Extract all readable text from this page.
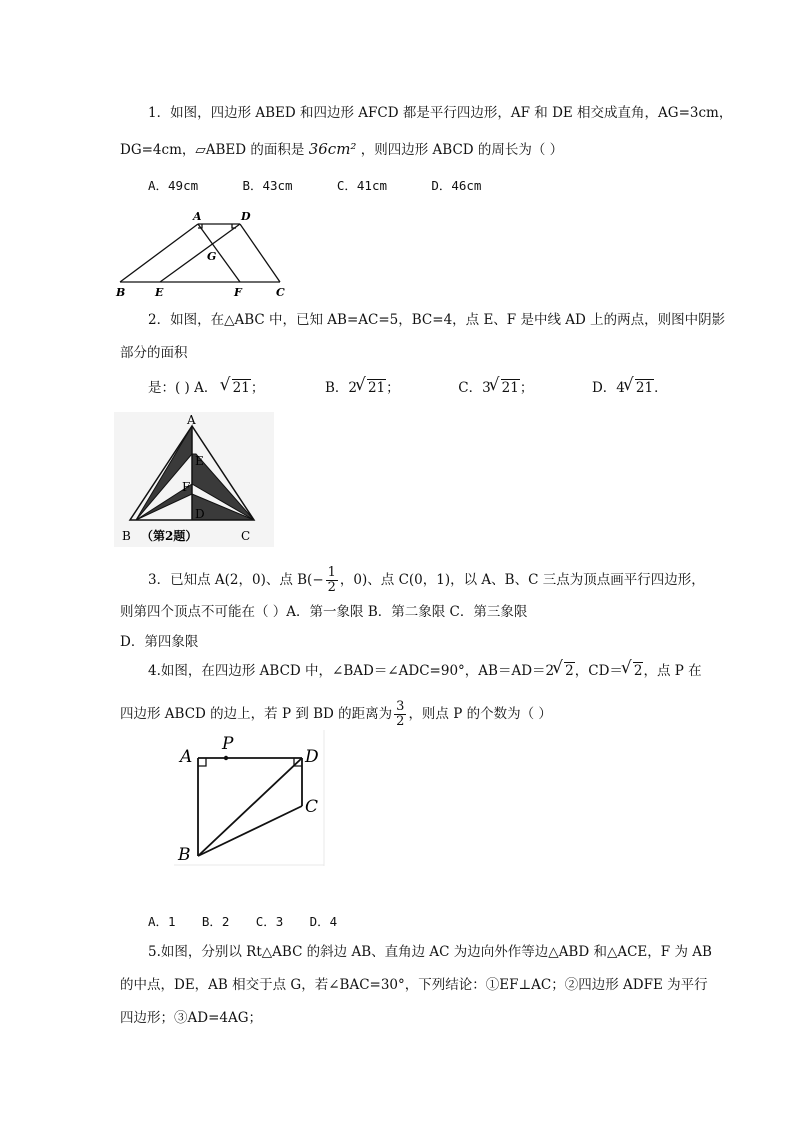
1．如图，四边形 ABED 和四边形 AFCD 都是平行四边形，AF 和 DE 相交成直角，AG=3cm，
DG=4cm，▱ABED 的面积是 36cm² ，则四边形 ABCD 的周长为（ ）
A．49cm	B．43cm	C．41cm	D．46cm
A	D
G
B	E	F	C
2．如图，在△ABC 中，已知 AB=AC=5，BC=4，点 E、F 是中线 AD 上的两点，则图中阴影
部分的面积
是：( ) A． √ 21；	B．2 √ 21；	C．3 √ 21；	D．4 √ 21．
A
E
F
D
B	C
（第2题）
3．已知点 A(2，0)、点 $B(- \frac{1}{2}$ ，0)、点 C(0，1)，以 A、B、C 三点为顶点画平行四边形，
则第四个顶点不可能在（ ）A．第一象限 B．第二象限 C．第三象限
D．第四象限
4.如图，在四边形 ABCD 中，∠BAD＝∠ADC=90°，AB＝AD＝2 √ 2，CD＝ √ 2，点 P 在
四边形 ABCD 的边上，若 P 到 BD 的距离为 $\frac{3}{2}$ ，则点 P 的个数为（ ）
A
P
D
C
B
A．1 B．2 C．3 D．4
5.如图，分别以 Rt△ABC 的斜边 AB、直角边 AC 为边向外作等边△ABD 和△ACE，F 为 AB
的中点，DE，AB 相交于点 G，若∠BAC=30°，下列结论：①EF⊥AC；②四边形 ADFE 为平行
四边形；③AD=4AG；
